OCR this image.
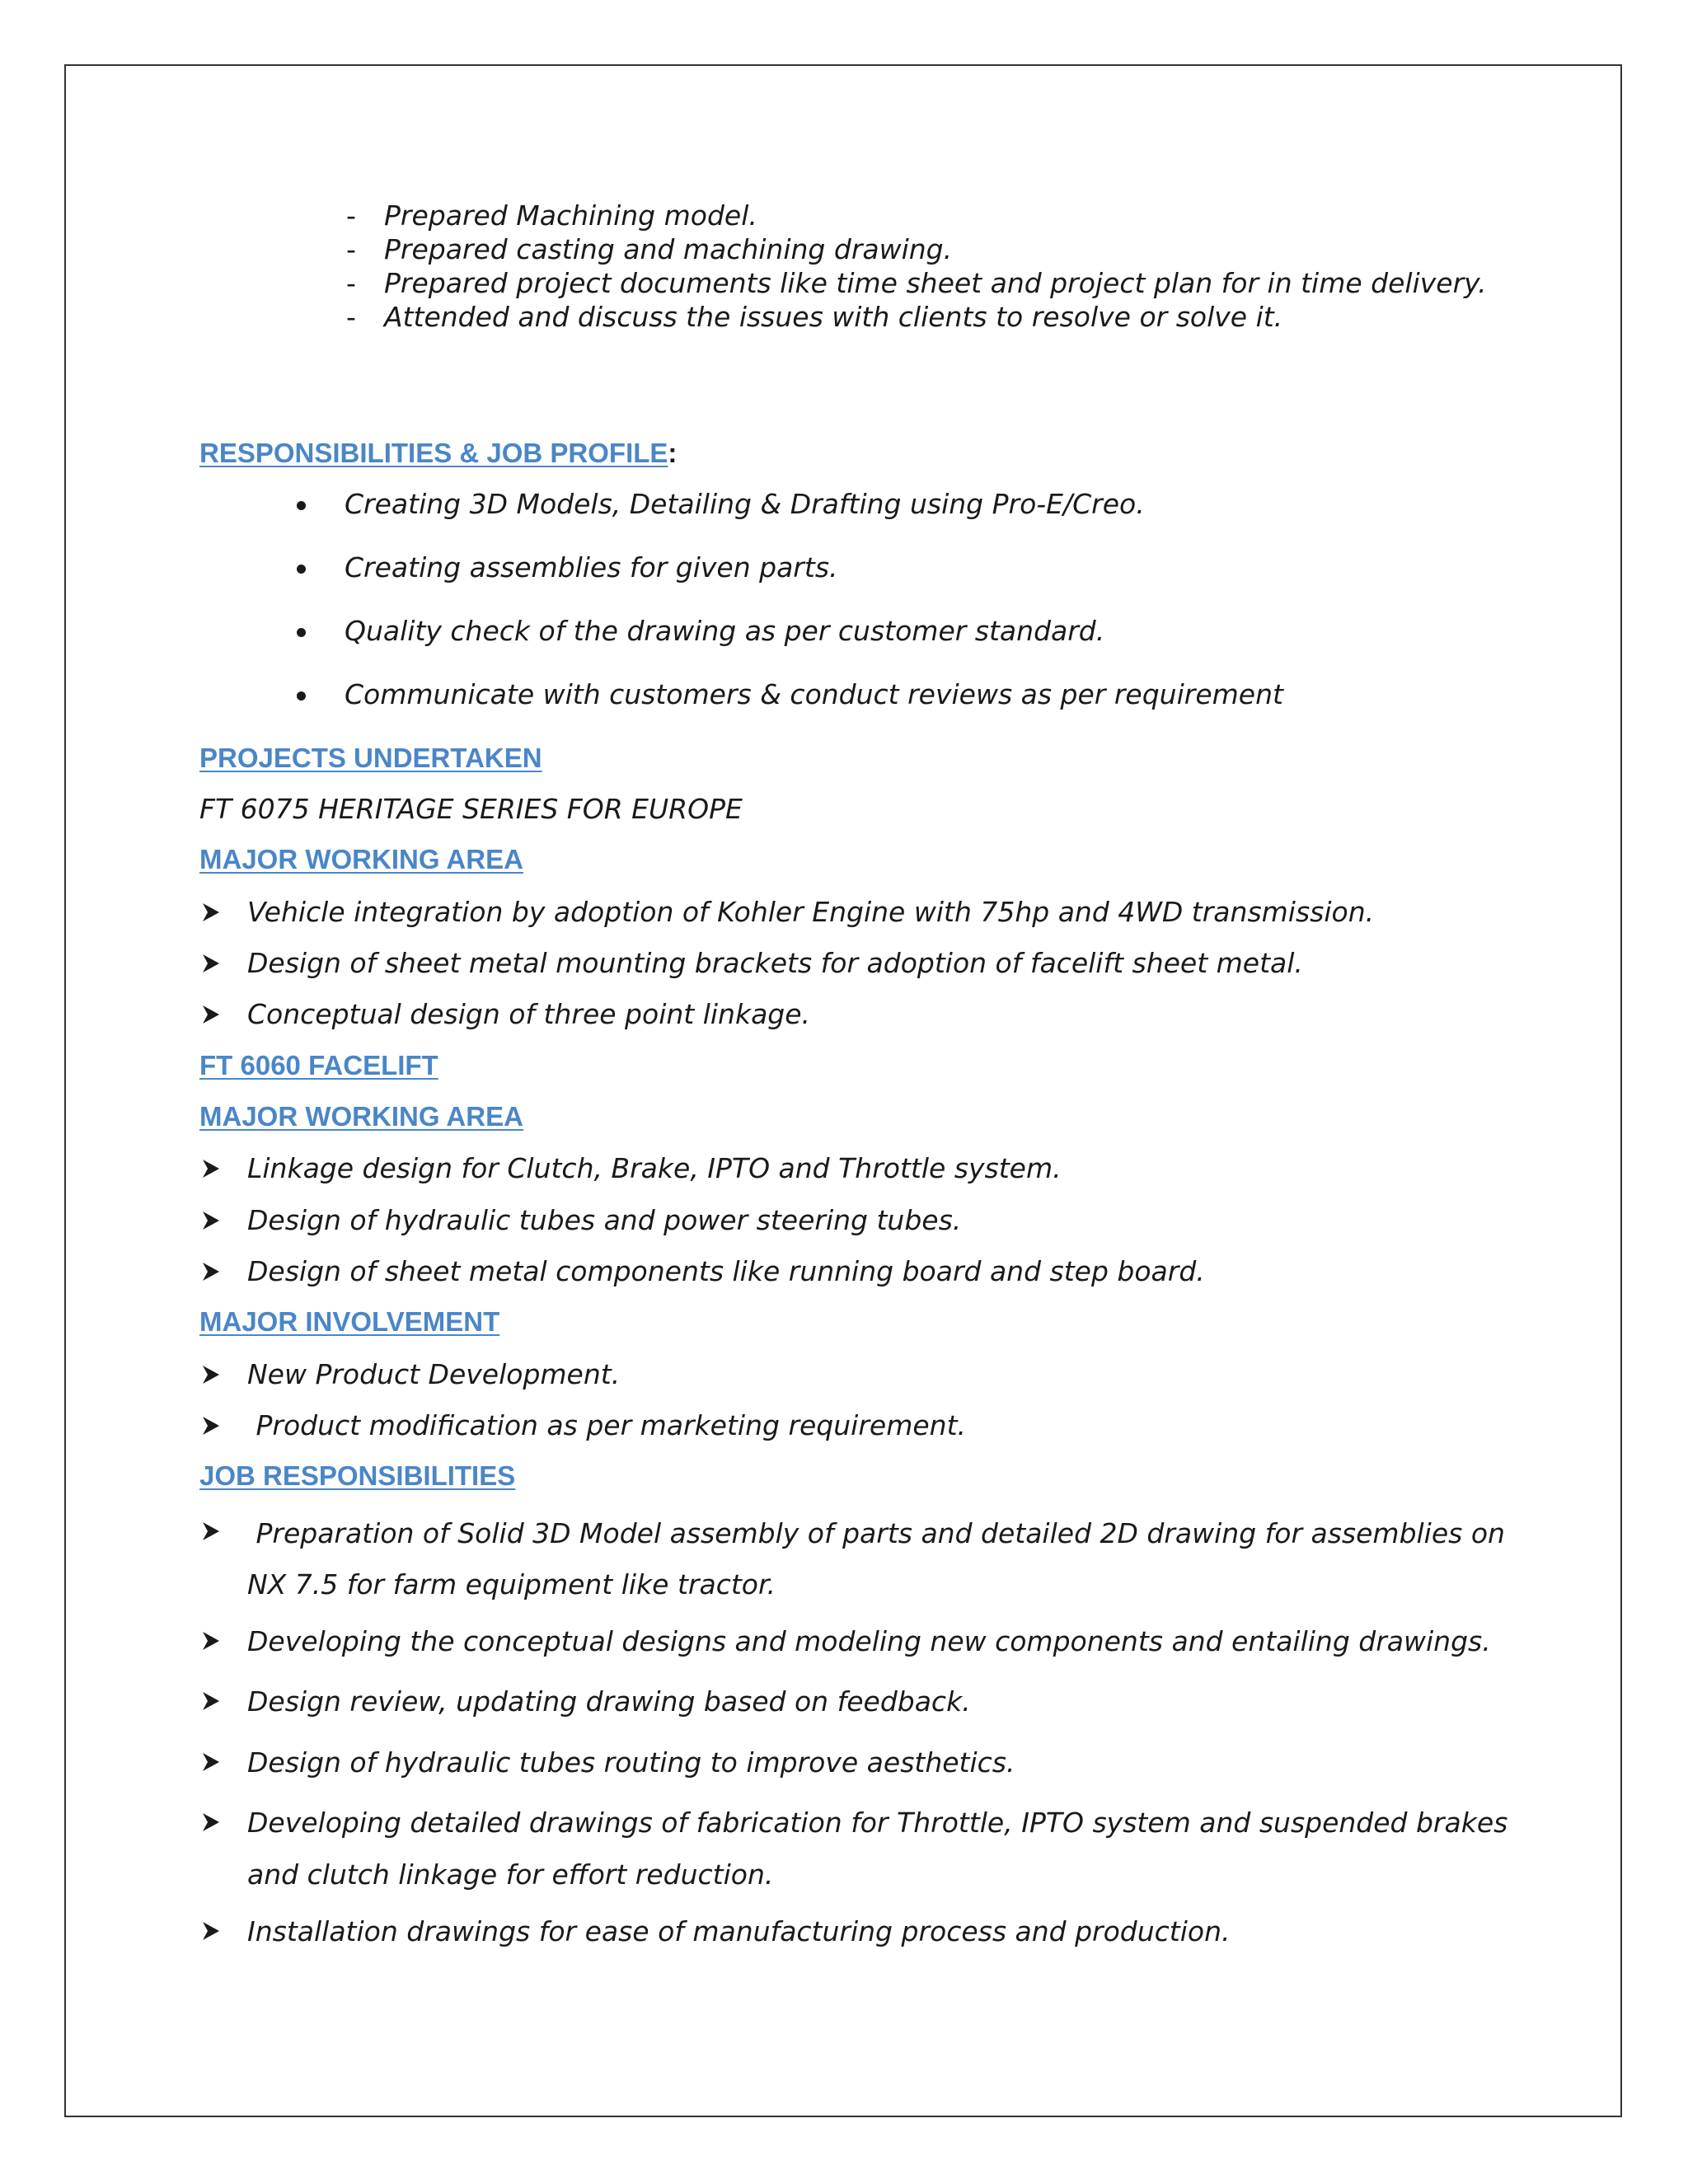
- Prepared Machining model.
- Prepared casting and machining drawing.
- Prepared project documents like time sheet and project plan for in time delivery.
- Attended and discuss the issues with clients to resolve or solve it.
RESPONSIBILITIES & JOB PROFILE:
Creating 3D Models, Detailing & Drafting using Pro-E/Creo.
Creating assemblies for given parts.
Quality check of the drawing as per customer standard.
Communicate with customers & conduct reviews as per requirement
PROJECTS UNDERTAKEN
FT 6075 HERITAGE SERIES FOR EUROPE
MAJOR WORKING AREA
Vehicle integration by adoption of Kohler Engine with 75hp and 4WD transmission.
Design of sheet metal mounting brackets for adoption of facelift sheet metal.
Conceptual design of three point linkage.
FT 6060 FACELIFT
MAJOR WORKING AREA
Linkage design for Clutch, Brake, IPTO and Throttle system.
Design of hydraulic tubes and power steering tubes.
Design of sheet metal components like running board and step board.
MAJOR INVOLVEMENT
New Product Development.
Product modification as per marketing requirement.
JOB RESPONSIBILITIES
Preparation of Solid 3D Model assembly of parts and detailed 2D drawing for assemblies on
NX 7.5 for farm equipment like tractor.
Developing the conceptual designs and modeling new components and entailing drawings.
Design review, updating drawing based on feedback.
Design of hydraulic tubes routing to improve aesthetics.
Developing detailed drawings of fabrication for Throttle, IPTO system and suspended brakes
and clutch linkage for effort reduction.
Installation drawings for ease of manufacturing process and production.
